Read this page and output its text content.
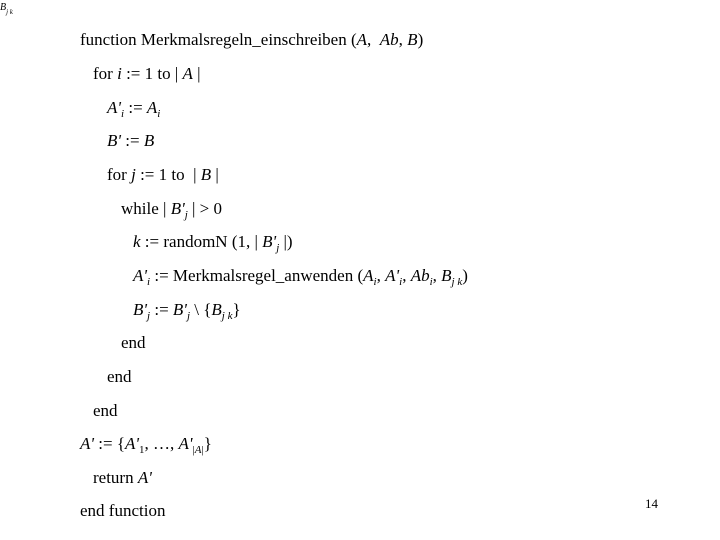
$B_{j k}$
function Merkmalsregeln_einschreiben (A,  Ab, B)
for i := 1 to | A |
$A'_i$ := $A_i$
B' := B
for j := 1 to  | B |
while | $B'_j$ | > 0
k := randomN (1, | $B'_j$ |)
$A'_i$ := Merkmalsregel_anwenden ($A_i$, $A'_i$, $Ab_i$, $B_{j k}$)
$B'_j$ := $B'_j$ \ $\{B_{j k}\}$
end
end
end
A' := {$A'_1$, …, $A'_{|A|}$}
return A'
end function	14
